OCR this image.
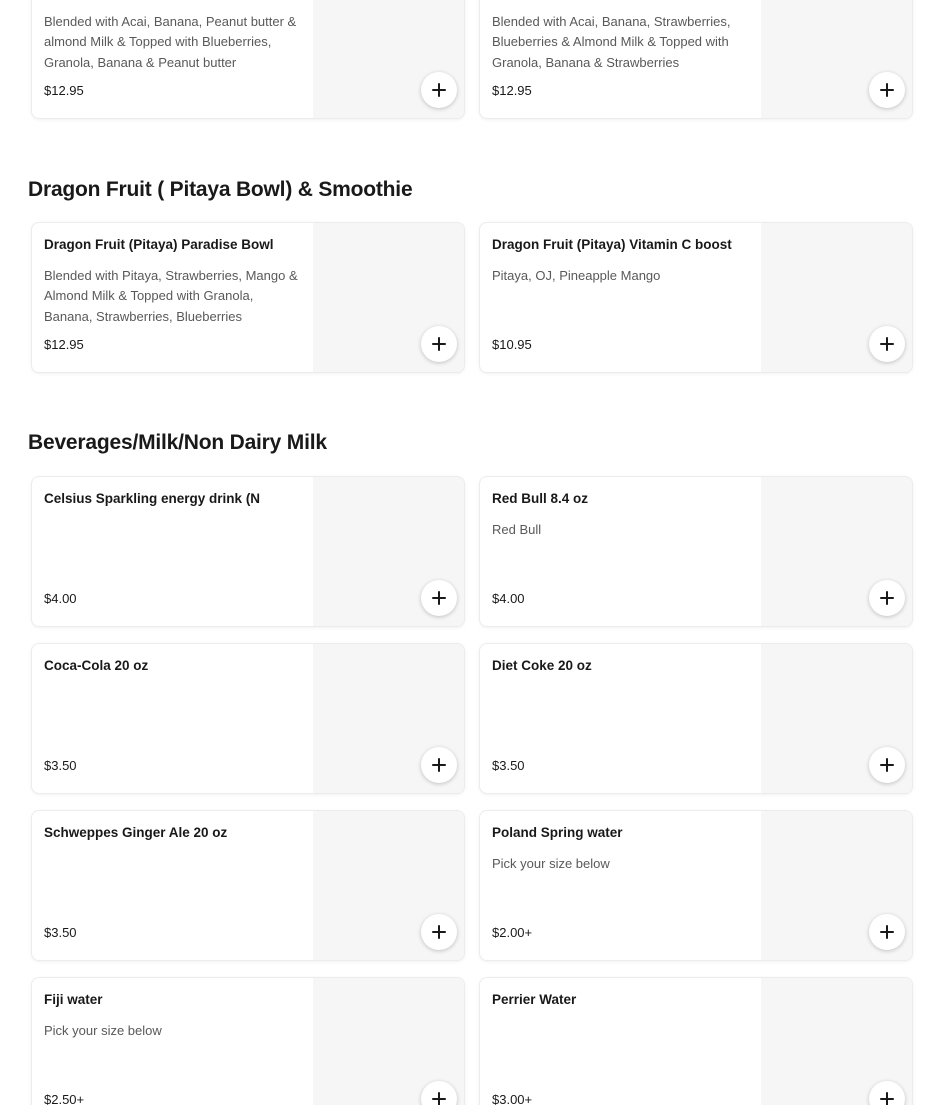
Blended with Acai, Banana, Peanut butter & almond Milk & Topped with Blueberries, Granola, Banana & Peanut butter
$12.95
Blended with Acai, Banana, Strawberries, Blueberries & Almond Milk & Topped with Granola, Banana & Strawberries
$12.95
Dragon Fruit ( Pitaya Bowl) & Smoothie
Dragon Fruit (Pitaya) Paradise Bowl
Blended with Pitaya, Strawberries, Mango & Almond Milk & Topped with Granola, Banana, Strawberries, Blueberries
$12.95
Dragon Fruit (Pitaya) Vitamin C boost
Pitaya, OJ, Pineapple Mango
$10.95
Beverages/Milk/Non Dairy Milk
Celsius Sparkling energy drink (N
$4.00
Red Bull 8.4 oz
Red Bull
$4.00
Coca-Cola 20 oz
$3.50
Diet Coke 20 oz
$3.50
Schweppes Ginger Ale 20 oz
$3.50
Poland Spring water
Pick your size below
$2.00+
Fiji water
Pick your size below
$2.50+
Perrier Water
$3.00+
